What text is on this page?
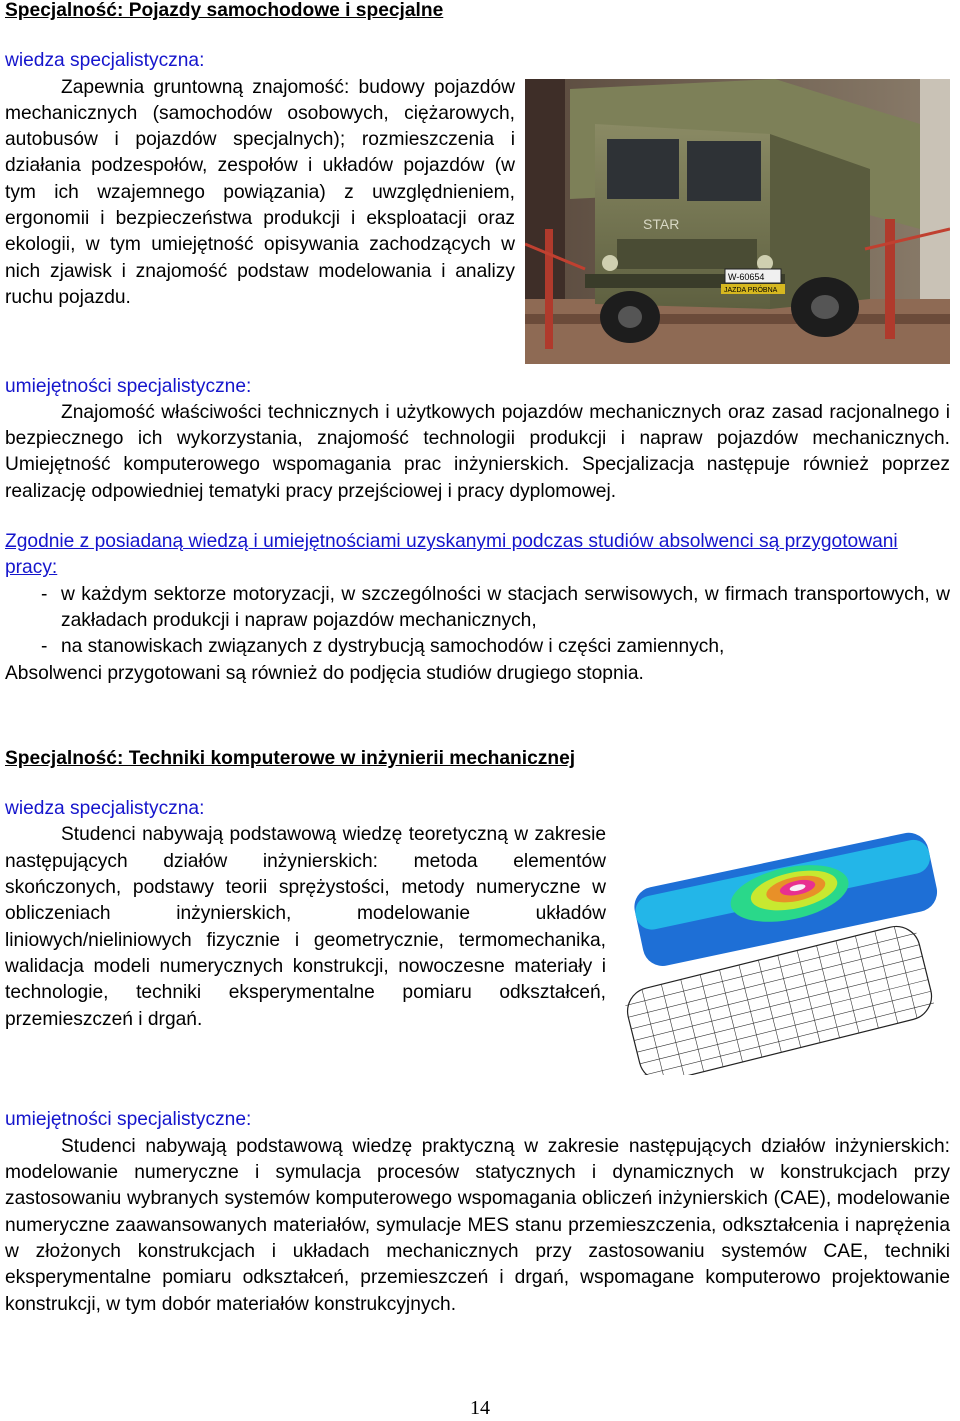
Specjalność: Pojazdy samochodowe i specjalne

wiedza specjalistyczna:

STAR
W-60654
JAZDA PRÓBNA

Zapewnia gruntowną znajomość: budowy pojazdów mechanicznych (samochodów osobowych, ciężarowych, autobusów i pojazdów specjalnych); rozmieszczenia i działania podzespołów, zespołów i układów pojazdów (w tym ich wzajemnego powiązania) z uwzględnieniem, ergonomii i bezpieczeństwa produkcji i eksploatacji oraz ekologii, w tym umiejętność opisywania zachodzących w nich zjawisk i znajomość podstaw modelowania i analizy ruchu pojazdu.

umiejętności specjalistyczne:

Znajomość właściwości technicznych i użytkowych pojazdów mechanicznych oraz zasad racjonalnego i bezpiecznego ich wykorzystania, znajomość technologii produkcji i napraw pojazdów mechanicznych. Umiejętność komputerowego wspomagania prac inżynierskich. Specjalizacja następuje również poprzez realizację odpowiedniej tematyki pracy przejściowej i pracy dyplomowej.

Zgodnie z posiadaną wiedzą i umiejętnościami uzyskanymi podczas studiów absolwenci są przygotowani pracy:

- w każdym sektorze motoryzacji, w szczególności w stacjach serwisowych, w firmach transportowych, w zakładach produkcji i napraw pojazdów mechanicznych,
- na stanowiskach związanych z dystrybucją samochodów i części zamiennych,

Absolwenci przygotowani są również do podjęcia studiów drugiego stopnia.

Specjalność: Techniki komputerowe w inżynierii mechanicznej

wiedza specjalistyczna:

Studenci nabywają podstawową wiedzę teoretyczną w zakresie następujących działów inżynierskich: metoda elementów skończonych, podstawy teorii sprężystości, metody numeryczne w obliczeniach inżynierskich, modelowanie układów liniowych/nieliniowych fizycznie i geometrycznie, termomechanika, walidacja modeli numerycznych konstrukcji, nowoczesne materiały i technologie, techniki eksperymentalne pomiaru odkształceń, przemieszczeń i drgań.

umiejętności specjalistyczne:

Studenci nabywają podstawową wiedzę praktyczną w zakresie następujących działów inżynierskich: modelowanie numeryczne i symulacja procesów statycznych i dynamicznych w konstrukcjach przy zastosowaniu wybranych systemów komputerowego wspomagania obliczeń inżynierskich (CAE), modelowanie numeryczne zaawansowanych materiałów, symulacje MES stanu przemieszczenia, odkształcenia i naprężenia w złożonych konstrukcjach i układach mechanicznych przy zastosowaniu systemów CAE, techniki eksperymentalne pomiaru odkształceń, przemieszczeń i drgań, wspomagane komputerowo projektowanie konstrukcji, w tym dobór materiałów konstrukcyjnych.

14
